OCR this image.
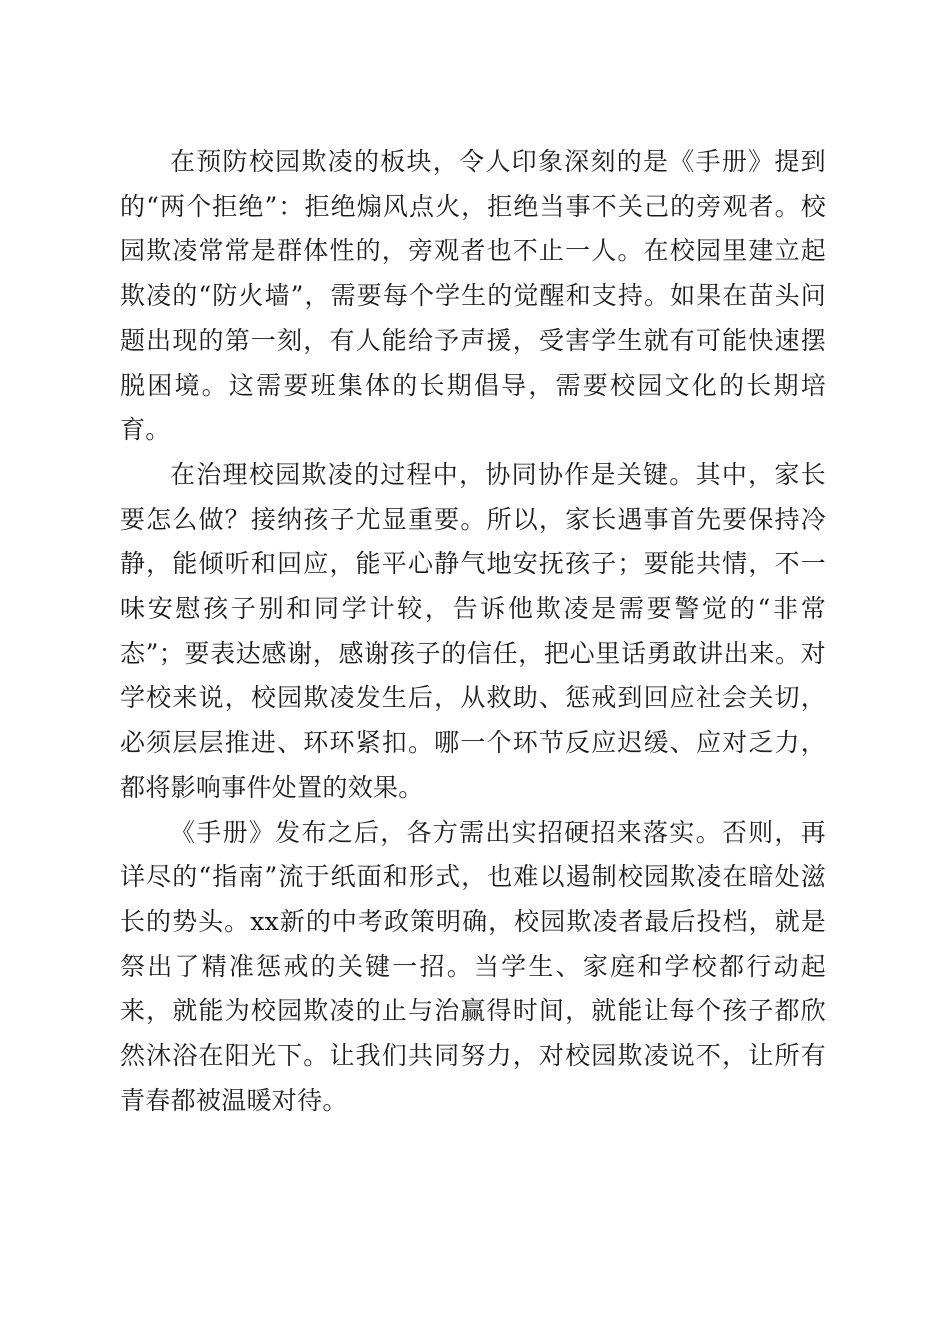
在预防校园欺凌的板块，令人印象深刻的是《手册》提到的“两个拒绝”：拒绝煽风点火，拒绝当事不关己的旁观者。校园欺凌常常是群体性的，旁观者也不止一人。在校园里建立起欺凌的“防火墙”，需要每个学生的觉醒和支持。如果在苗头问题出现的第一刻，有人能给予声援，受害学生就有可能快速摆脱困境。这需要班集体的长期倡导，需要校园文化的长期培育。

在治理校园欺凌的过程中，协同协作是关键。其中，家长要怎么做？接纳孩子尤显重要。所以，家长遇事首先要保持冷静，能倾听和回应，能平心静气地安抚孩子；要能共情，不一味安慰孩子别和同学计较，告诉他欺凌是需要警觉的“非常态”；要表达感谢，感谢孩子的信任，把心里话勇敢讲出来。对学校来说，校园欺凌发生后，从救助、惩戒到回应社会关切，必须层层推进、环环紧扣。哪一个环节反应迟缓、应对乏力，都将影响事件处置的效果。

《手册》发布之后，各方需出实招硬招来落实。否则，再详尽的“指南”流于纸面和形式，也难以遏制校园欺凌在暗处滋长的势头。xx新的中考政策明确，校园欺凌者最后投档，就是祭出了精准惩戒的关键一招。当学生、家庭和学校都行动起来，就能为校园欺凌的止与治赢得时间，就能让每个孩子都欣然沐浴在阳光下。让我们共同努力，对校园欺凌说不，让所有青春都被温暖对待。
